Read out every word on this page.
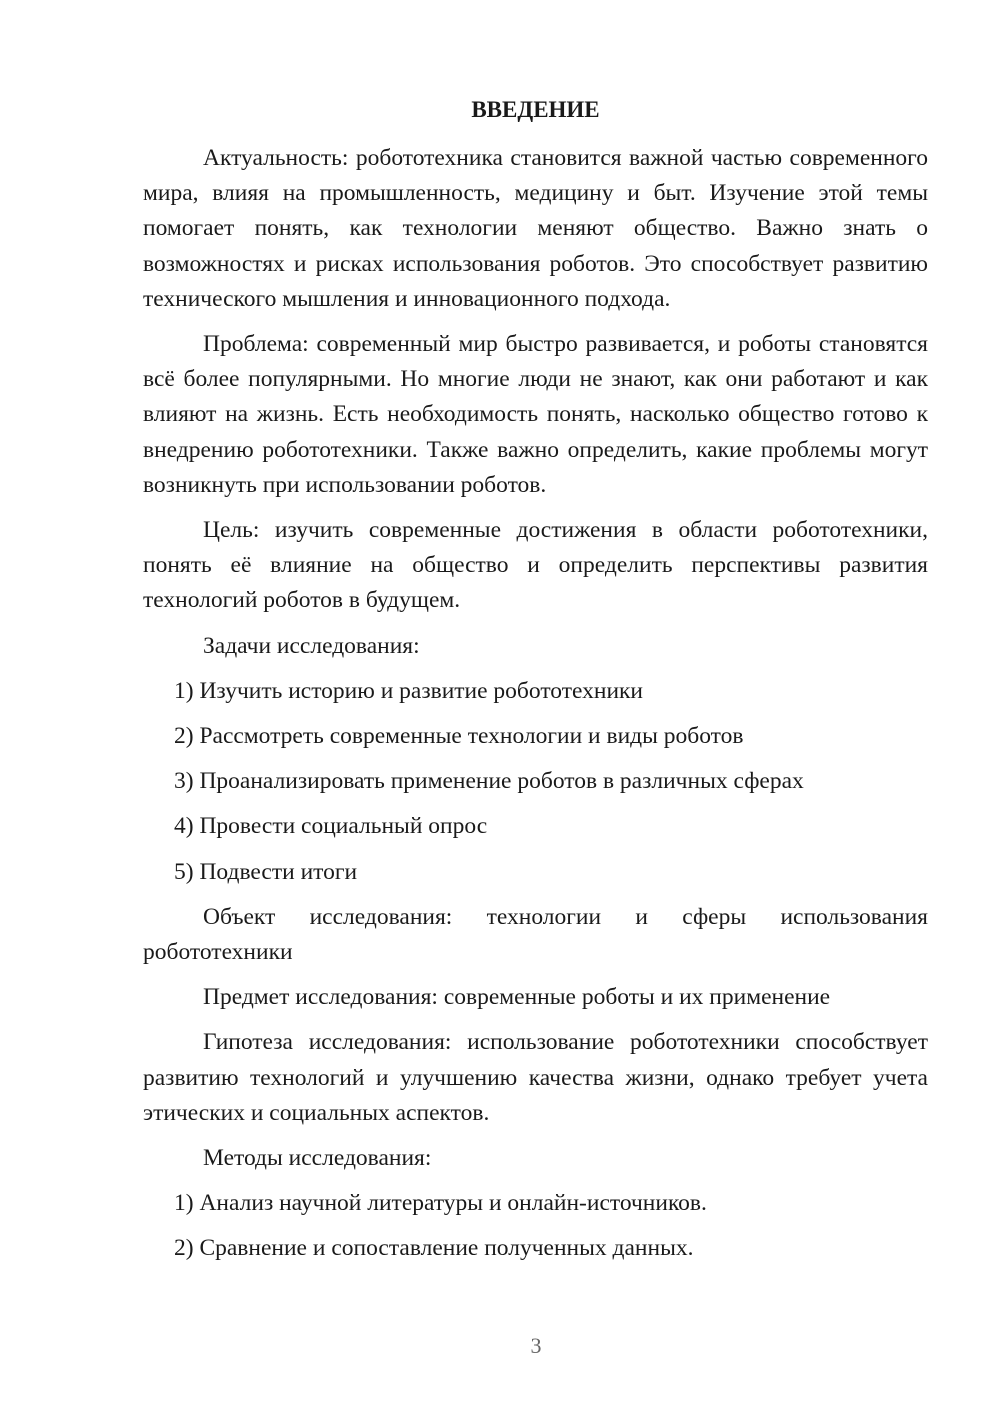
ВВЕДЕНИЕ

Актуальность: робототехника становится важной частью современного мира, влияя на промышленность, медицину и быт. Изучение этой темы помогает понять, как технологии меняют общество. Важно знать о возможностях и рисках использования роботов. Это способствует развитию технического мышления и инновационного подхода.

Проблема: современный мир быстро развивается, и роботы становятся всё более популярными. Но многие люди не знают, как они работают и как влияют на жизнь. Есть необходимость понять, насколько общество готово к внедрению робототехники. Также важно определить, какие проблемы могут возникнуть при использовании роботов.

Цель: изучить современные достижения в области робототехники, понять её влияние на общество и определить перспективы развития технологий роботов в будущем.

Задачи исследования:
1) Изучить историю и развитие робототехники
2) Рассмотреть современные технологии и виды роботов
3) Проанализировать применение роботов в различных сферах
4) Провести социальный опрос
5) Подвести итоги

Объект исследования: технологии и сферы использования робототехники

Предмет исследования: современные роботы и их применение

Гипотеза исследования: использование робототехники способствует развитию технологий и улучшению качества жизни, однако требует учета этических и социальных аспектов.

Методы исследования:
1) Анализ научной литературы и онлайн-источников.
2) Сравнение и сопоставление полученных данных.
3
